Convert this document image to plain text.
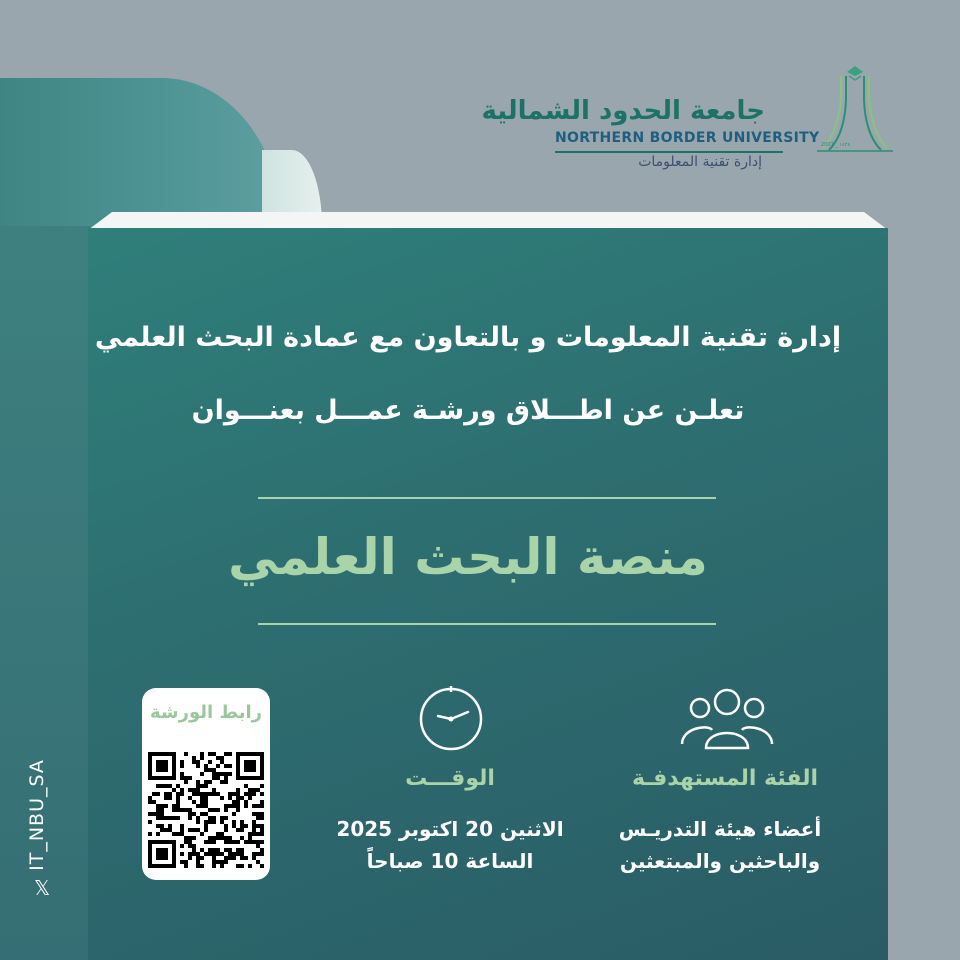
جامعة الحدود الشمالية
NORTHERN BORDER UNIVERSITY
إدارة تقنية المعلومات
2007 _ ١٤٢٨
إدارة تقنية المعلومات و بالتعاون مع عمادة البحث العلمي
تعلـن عن اطـــلاق ورشـة عمـــل بعنـــوان
منصة البحث العلمي
رابط الورشة
الوقـــت
الاثنين 20 اكتوبر 2025
الساعة 10 صباحاً
الفئة المستهدفـة
أعضاء هيئة التدريـس
والباحثين والمبتعثين
IT_NBU_SA
𝕏
